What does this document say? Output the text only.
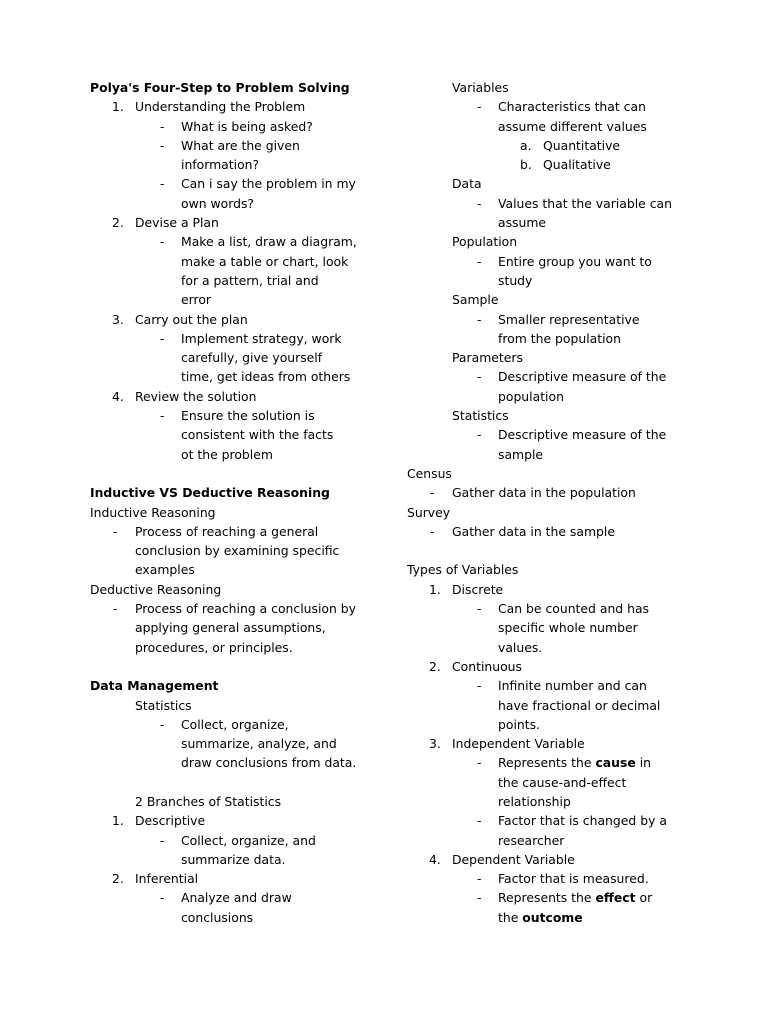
Polya's Four-Step to Problem Solving
1. Understanding the Problem
- What is being asked?
- What are the given
information?
- Can i say the problem in my
own words?
2. Devise a Plan
- Make a list, draw a diagram,
make a table or chart, look
for a pattern, trial and
error
3. Carry out the plan
- Implement strategy, work
carefully, give yourself
time, get ideas from others
4. Review the solution
- Ensure the solution is
consistent with the facts
ot the problem
Inductive VS Deductive Reasoning
Inductive Reasoning
- Process of reaching a general
conclusion by examining specific
examples
Deductive Reasoning
- Process of reaching a conclusion by
applying general assumptions,
procedures, or principles.
Data Management
Statistics
- Collect, organize,
summarize, analyze, and
draw conclusions from data.
2 Branches of Statistics
1. Descriptive
- Collect, organize, and
summarize data.
2. Inferential
- Analyze and draw
conclusions
Variables
- Characteristics that can
assume different values
a. Quantitative
b. Qualitative
Data
- Values that the variable can
assume
Population
- Entire group you want to
study
Sample
- Smaller representative
from the population
Parameters
- Descriptive measure of the
population
Statistics
- Descriptive measure of the
sample
Census
- Gather data in the population
Survey
- Gather data in the sample
Types of Variables
1. Discrete
- Can be counted and has
specific whole number
values.
2. Continuous
- Infinite number and can
have fractional or decimal
points.
3. Independent Variable
- Represents the cause in
the cause-and-effect
relationship
- Factor that is changed by a
researcher
4. Dependent Variable
- Factor that is measured.
- Represents the effect or
the outcome
